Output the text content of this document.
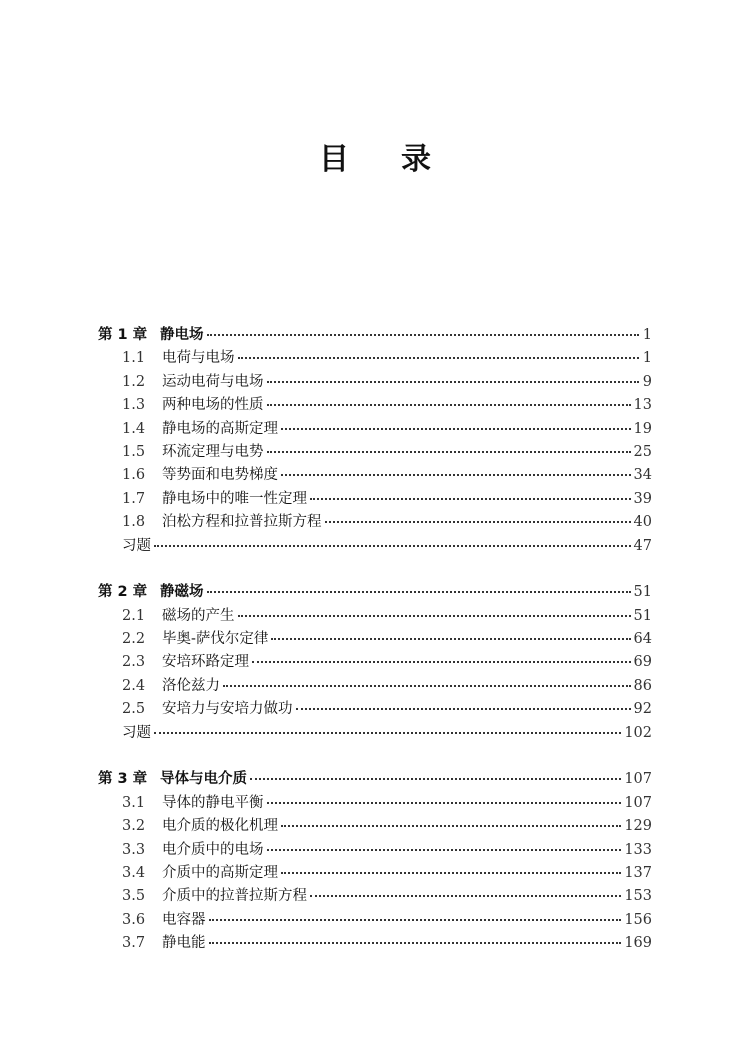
目 录
第 1 章 静电场	1
1.1	电荷与电场	1
1.2	运动电荷与电场	9
1.3	两种电场的性质	13
1.4	静电场的高斯定理	19
1.5	环流定理与电势	25
1.6	等势面和电势梯度	34
1.7	静电场中的唯一性定理	39
1.8	泊松方程和拉普拉斯方程	40
习题	47
第 2 章 静磁场	51
2.1	磁场的产生	51
2.2	毕奥-萨伐尔定律	64
2.3	安培环路定理	69
2.4	洛伦兹力	86
2.5	安培力与安培力做功	92
习题	102
第 3 章 导体与电介质	107
3.1	导体的静电平衡	107
3.2	电介质的极化机理	129
3.3	电介质中的电场	133
3.4	介质中的高斯定理	137
3.5	介质中的拉普拉斯方程	153
3.6	电容器	156
3.7	静电能	169
